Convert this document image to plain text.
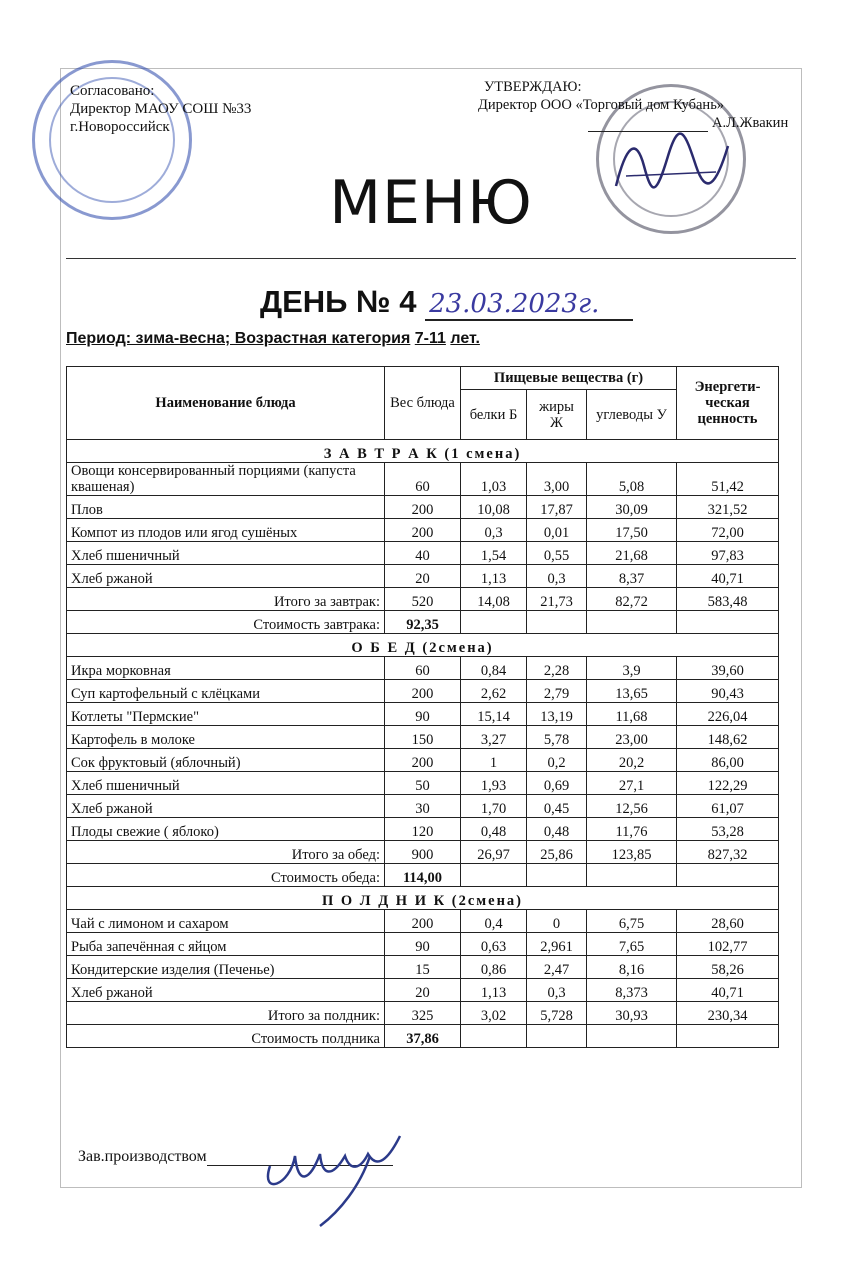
Согласовано:
Директор МАОУ СОШ №33
г.Новороссийск
УТВЕРЖДАЮ:
Директор ООО «Торговый дом Кубань»
А.Л.Жвакин
МЕНЮ
ДЕНЬ № 4 23.03.2023г.
Период: зима-весна; Возрастная категория 7-11 лет.
Наименование блюда	Вес блюда	Пищевые вещества (г)			Энергети-ческая ценность
		белки Б	жиры Ж	углеводы У	
З А В Т Р А К (1 смена)					
Овощи консервированный порциями (капуста квашеная)	60	1,03	3,00	5,08	51,42
Плов	200	10,08	17,87	30,09	321,52
Компот из плодов или ягод сушёных	200	0,3	0,01	17,50	72,00
Хлеб пшеничный	40	1,54	0,55	21,68	97,83
Хлеб ржаной	20	1,13	0,3	8,37	40,71
Итого за завтрак:	520	14,08	21,73	82,72	583,48
Стоимость завтрака:	92,35				
О Б Е Д (2смена)					
Икра морковная	60	0,84	2,28	3,9	39,60
Суп картофельный с клёцками	200	2,62	2,79	13,65	90,43
Котлеты "Пермские"	90	15,14	13,19	11,68	226,04
Картофель в молоке	150	3,27	5,78	23,00	148,62
Сок фруктовый (яблочный)	200	1	0,2	20,2	86,00
Хлеб пшеничный	50	1,93	0,69	27,1	122,29
Хлеб ржаной	30	1,70	0,45	12,56	61,07
Плоды свежие ( яблоко)	120	0,48	0,48	11,76	53,28
Итого за обед:	900	26,97	25,86	123,85	827,32
Стоимость обеда:	114,00				
П О Л Д Н И К (2смена)					
Чай с лимоном и сахаром	200	0,4	0	6,75	28,60
Рыба запечённая с яйцом	90	0,63	2,961	7,65	102,77
Кондитерские изделия (Печенье)	15	0,86	2,47	8,16	58,26
Хлеб ржаной	20	1,13	0,3	8,373	40,71
Итого за полдник:	325	3,02	5,728	30,93	230,34
Стоимость полдника	37,86				
Зав.производством
